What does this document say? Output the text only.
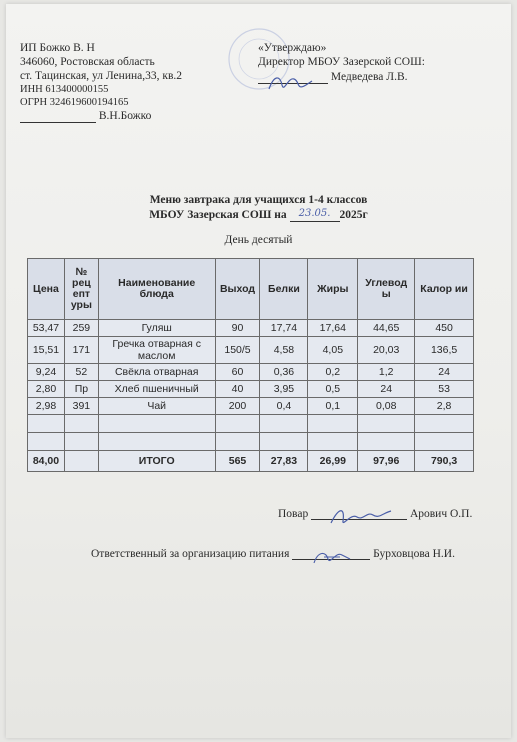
ИП Божко В. Н
346060, Ростовская область
ст. Тацинская, ул Ленина,33, кв.2
ИНН 613400000155
ОГРН 324619600194165
В.Н.Божко
«Утверждаю»
Директор МБОУ Зазерской СОШ:
Медведева Л.В.
Меню завтрака для учащихся 1-4 классов
МБОУ Зазерская СОШ на 23.05. 2025г
День десятый
Цена	№ рец епт уры	Наименование блюда	Выход	Белки	Жиры	Углевод ы	Калор ии
53,47	259	Гуляш	90	17,74	17,64	44,65	450
15,51	171	Гречка отварная с маслом	150/5	4,58	4,05	20,03	136,5
9,24	52	Свёкла отварная	60	0,36	0,2	1,2	24
2,80	Пр	Хлеб пшеничный	40	3,95	0,5	24	53
2,98	391	Чай	200	0,4	0,1	0,08	2,8

84,00		ИТОГО	565	27,83	26,99	97,96	790,3
Повар	Арович О.П.
Ответственный за организацию питания	Бурховцова Н.И.
